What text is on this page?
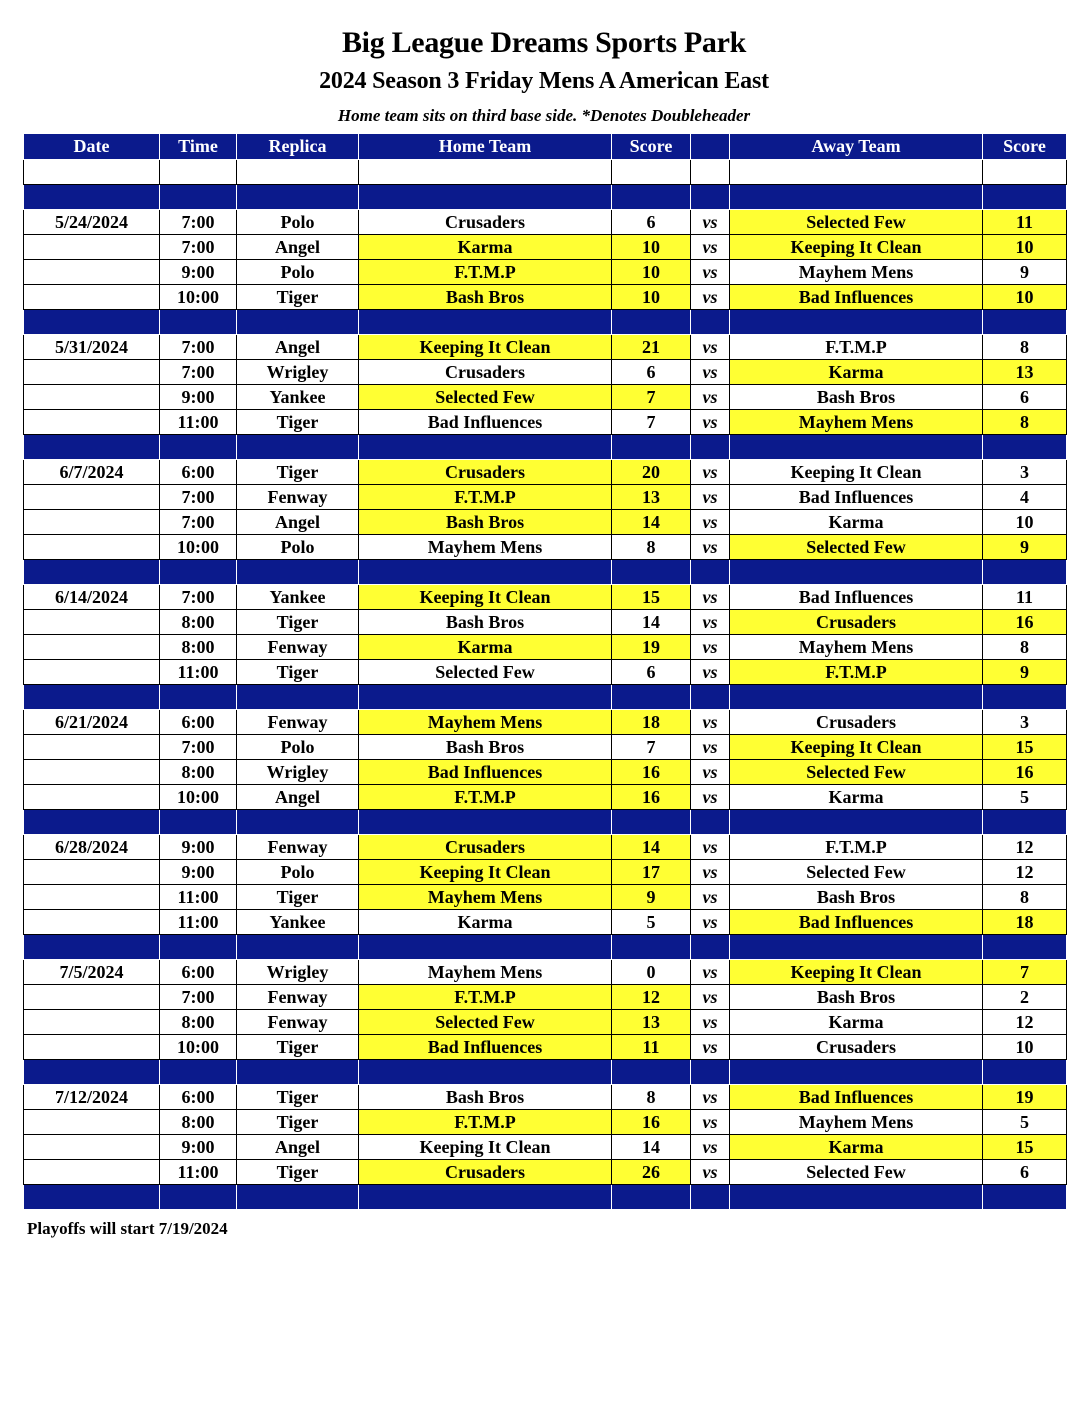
Big League Dreams Sports Park
2024 Season 3 Friday Mens A American East
Home team sits on third base side. *Denotes Doubleheader
Date	Time	Replica	Home Team	Score		Away Team	Score

5/24/2024	7:00	Polo	Crusaders	6	vs	Selected Few	11
	7:00	Angel	Karma	10	vs	Keeping It Clean	10
	9:00	Polo	F.T.M.P	10	vs	Mayhem Mens	9
	10:00	Tiger	Bash Bros	10	vs	Bad Influences	10

5/31/2024	7:00	Angel	Keeping It Clean	21	vs	F.T.M.P	8
	7:00	Wrigley	Crusaders	6	vs	Karma	13
	9:00	Yankee	Selected Few	7	vs	Bash Bros	6
	11:00	Tiger	Bad Influences	7	vs	Mayhem Mens	8

6/7/2024	6:00	Tiger	Crusaders	20	vs	Keeping It Clean	3
	7:00	Fenway	F.T.M.P	13	vs	Bad Influences	4
	7:00	Angel	Bash Bros	14	vs	Karma	10
	10:00	Polo	Mayhem Mens	8	vs	Selected Few	9

6/14/2024	7:00	Yankee	Keeping It Clean	15	vs	Bad Influences	11
	8:00	Tiger	Bash Bros	14	vs	Crusaders	16
	8:00	Fenway	Karma	19	vs	Mayhem Mens	8
	11:00	Tiger	Selected Few	6	vs	F.T.M.P	9

6/21/2024	6:00	Fenway	Mayhem Mens	18	vs	Crusaders	3
	7:00	Polo	Bash Bros	7	vs	Keeping It Clean	15
	8:00	Wrigley	Bad Influences	16	vs	Selected Few	16
	10:00	Angel	F.T.M.P	16	vs	Karma	5

6/28/2024	9:00	Fenway	Crusaders	14	vs	F.T.M.P	12
	9:00	Polo	Keeping It Clean	17	vs	Selected Few	12
	11:00	Tiger	Mayhem Mens	9	vs	Bash Bros	8
	11:00	Yankee	Karma	5	vs	Bad Influences	18

7/5/2024	6:00	Wrigley	Mayhem Mens	0	vs	Keeping It Clean	7
	7:00	Fenway	F.T.M.P	12	vs	Bash Bros	2
	8:00	Fenway	Selected Few	13	vs	Karma	12
	10:00	Tiger	Bad Influences	11	vs	Crusaders	10

7/12/2024	6:00	Tiger	Bash Bros	8	vs	Bad Influences	19
	8:00	Tiger	F.T.M.P	16	vs	Mayhem Mens	5
	9:00	Angel	Keeping It Clean	14	vs	Karma	15
	11:00	Tiger	Crusaders	26	vs	Selected Few	6

Playoffs will start 7/19/2024
